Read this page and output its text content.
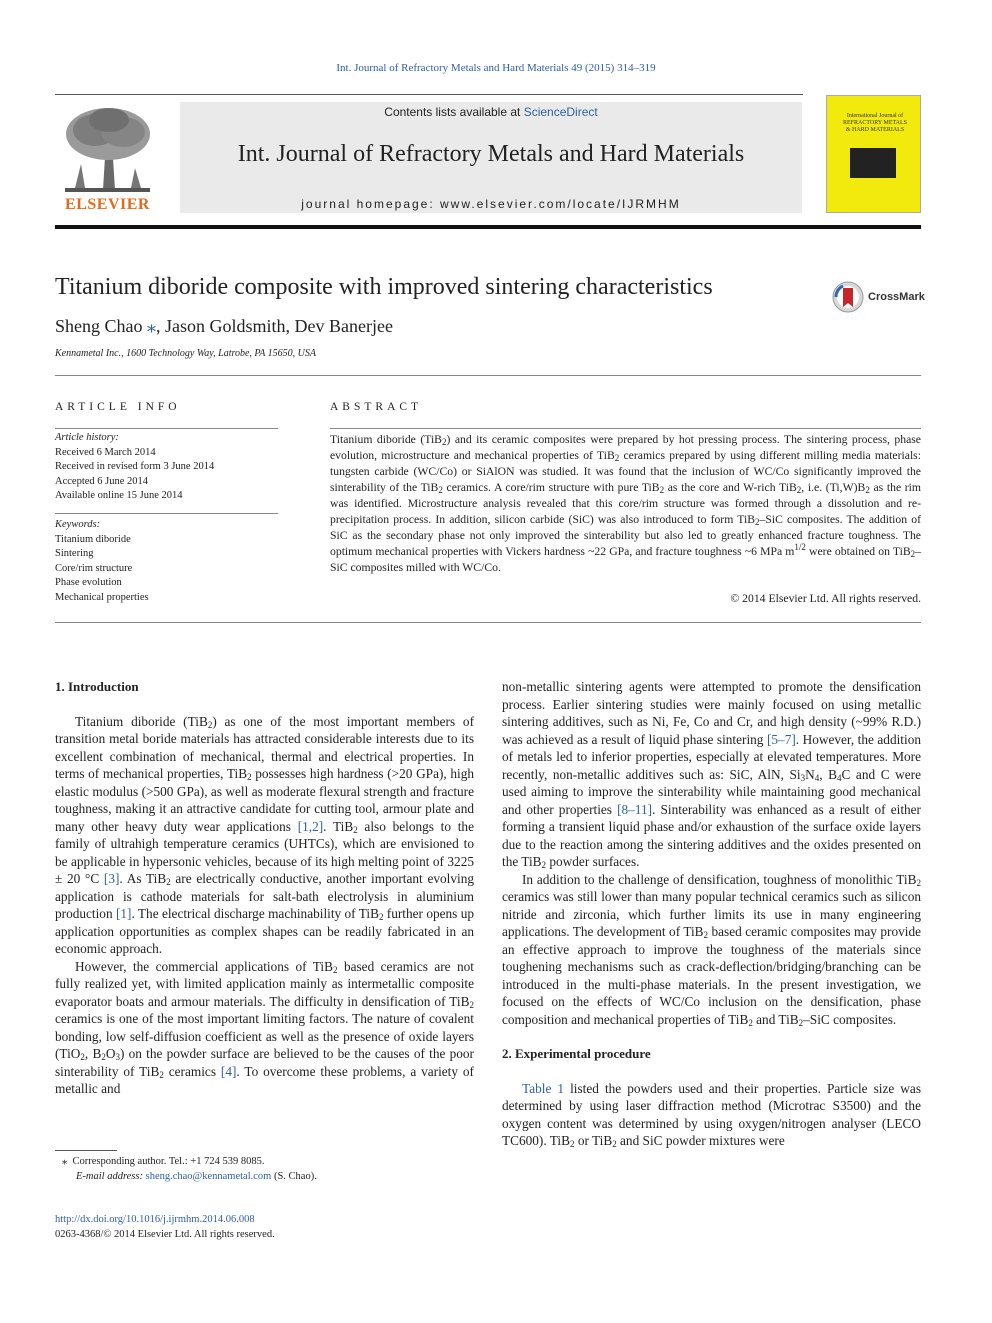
Int. Journal of Refractory Metals and Hard Materials 49 (2015) 314–319
ELSEVIER
Contents lists available at ScienceDirect
Int. Journal of Refractory Metals and Hard Materials
journal homepage: www.elsevier.com/locate/IJRMHM
International Journal of REFRACTORY METALS & HARD MATERIALS
Titanium diboride composite with improved sintering characteristics	CrossMark
Sheng Chao ⁎, Jason Goldsmith, Dev Banerjee
Kennametal Inc., 1600 Technology Way, Latrobe, PA 15650, USA
ARTICLE INFO	ABSTRACT
Article history:
Received 6 March 2014
Received in revised form 3 June 2014
Accepted 6 June 2014
Available online 15 June 2014
Keywords:
Titanium diboride
Sintering
Core/rim structure
Phase evolution
Mechanical properties
Titanium diboride (TiB$_2$) and its ceramic composites were prepared by hot pressing process. The sintering process, phase evolution, microstructure and mechanical properties of TiB$_2$ ceramics prepared by using different milling media materials: tungsten carbide (WC/Co) or SiAlON was studied. It was found that the inclusion of WC/Co significantly improved the sinterability of the TiB$_2$ ceramics. A core/rim structure with pure TiB$_2$ as the core and W-rich TiB$_2$, i.e. $(Ti,W)B_2$ as the rim was identified. Microstructure analysis revealed that this core/rim structure was formed through a dissolution and re-precipitation process. In addition, silicon carbide (SiC) was also introduced to form TiB$_2$–SiC composites. The addition of SiC as the secondary phase not only improved the sinterability but also led to greatly enhanced fracture toughness. The optimum mechanical properties with Vickers hardness ~22 GPa, and fracture toughness ~6 MPa $m^{1/2}$ were obtained on TiB$_2$–SiC composites milled with WC/Co.
© 2014 Elsevier Ltd. All rights reserved.

1. Introduction

Titanium diboride (TiB$_2$) as one of the most important members of transition metal boride materials has attracted considerable interests due to its excellent combination of mechanical, thermal and electrical properties. In terms of mechanical properties, TiB$_2$ possesses high hardness (>20 GPa), high elastic modulus (>500 GPa), as well as moderate flexural strength and fracture toughness, making it an attractive candidate for cutting tool, armour plate and many other heavy duty wear applications [1,2]. TiB$_2$ also belongs to the family of ultrahigh temperature ceramics (UHTCs), which are envisioned to be applicable in hypersonic vehicles, because of its high melting point of 3225 ± 20 °C [3]. As TiB$_2$ are electrically conductive, another important evolving application is cathode materials for salt-bath electrolysis in aluminium production [1]. The electrical discharge machinability of TiB$_2$ further opens up application opportunities as complex shapes can be readily fabricated in an economic approach.

However, the commercial applications of TiB$_2$ based ceramics are not fully realized yet, with limited application mainly as intermetallic composite evaporator boats and armour materials. The difficulty in densification of TiB$_2$ ceramics is one of the most important limiting factors. The nature of covalent bonding, low self-diffusion coefficient as well as the presence of oxide layers (TiO$_2$, $B_2O_3$) on the powder surface are believed to be the causes of the poor sinterability of TiB$_2$ ceramics [4]. To overcome these problems, a variety of metallic and

non-metallic sintering agents were attempted to promote the densification process. Earlier sintering studies were mainly focused on using metallic sintering additives, such as Ni, Fe, Co and Cr, and high density (~99% R.D.) was achieved as a result of liquid phase sintering [5–7]. However, the addition of metals led to inferior properties, especially at elevated temperatures. More recently, non-metallic additives such as: SiC, AlN, $Si_3N_4$, $B_4C$ and C were used aiming to improve the sinterability while maintaining good mechanical and other properties [8–11]. Sinterability was enhanced as a result of either forming a transient liquid phase and/or exhaustion of the surface oxide layers due to the reaction among the sintering additives and the oxides presented on the TiB$_2$ powder surfaces.

In addition to the challenge of densification, toughness of monolithic TiB$_2$ ceramics was still lower than many popular technical ceramics such as silicon nitride and zirconia, which further limits its use in many engineering applications. The development of TiB$_2$ based ceramic composites may provide an effective approach to improve the toughness of the materials since toughening mechanisms such as crack-deflection/bridging/branching can be introduced in the multi-phase materials. In the present investigation, we focused on the effects of WC/Co inclusion on the densification, phase composition and mechanical properties of TiB$_2$ and TiB$_2$–SiC composites.

2. Experimental procedure

Table 1 listed the powders used and their properties. Particle size was determined by using laser diffraction method (Microtrac S3500) and the oxygen content was determined by using oxygen/nitrogen analyser (LECO TC600). TiB$_2$ or TiB$_2$ and SiC powder mixtures were

⁎  Corresponding author. Tel.: +1 724 539 8085.
E-mail address: sheng.chao@kennametal.com (S. Chao).
http://dx.doi.org/10.1016/j.ijrmhm.2014.06.008
0263-4368/© 2014 Elsevier Ltd. All rights reserved.
